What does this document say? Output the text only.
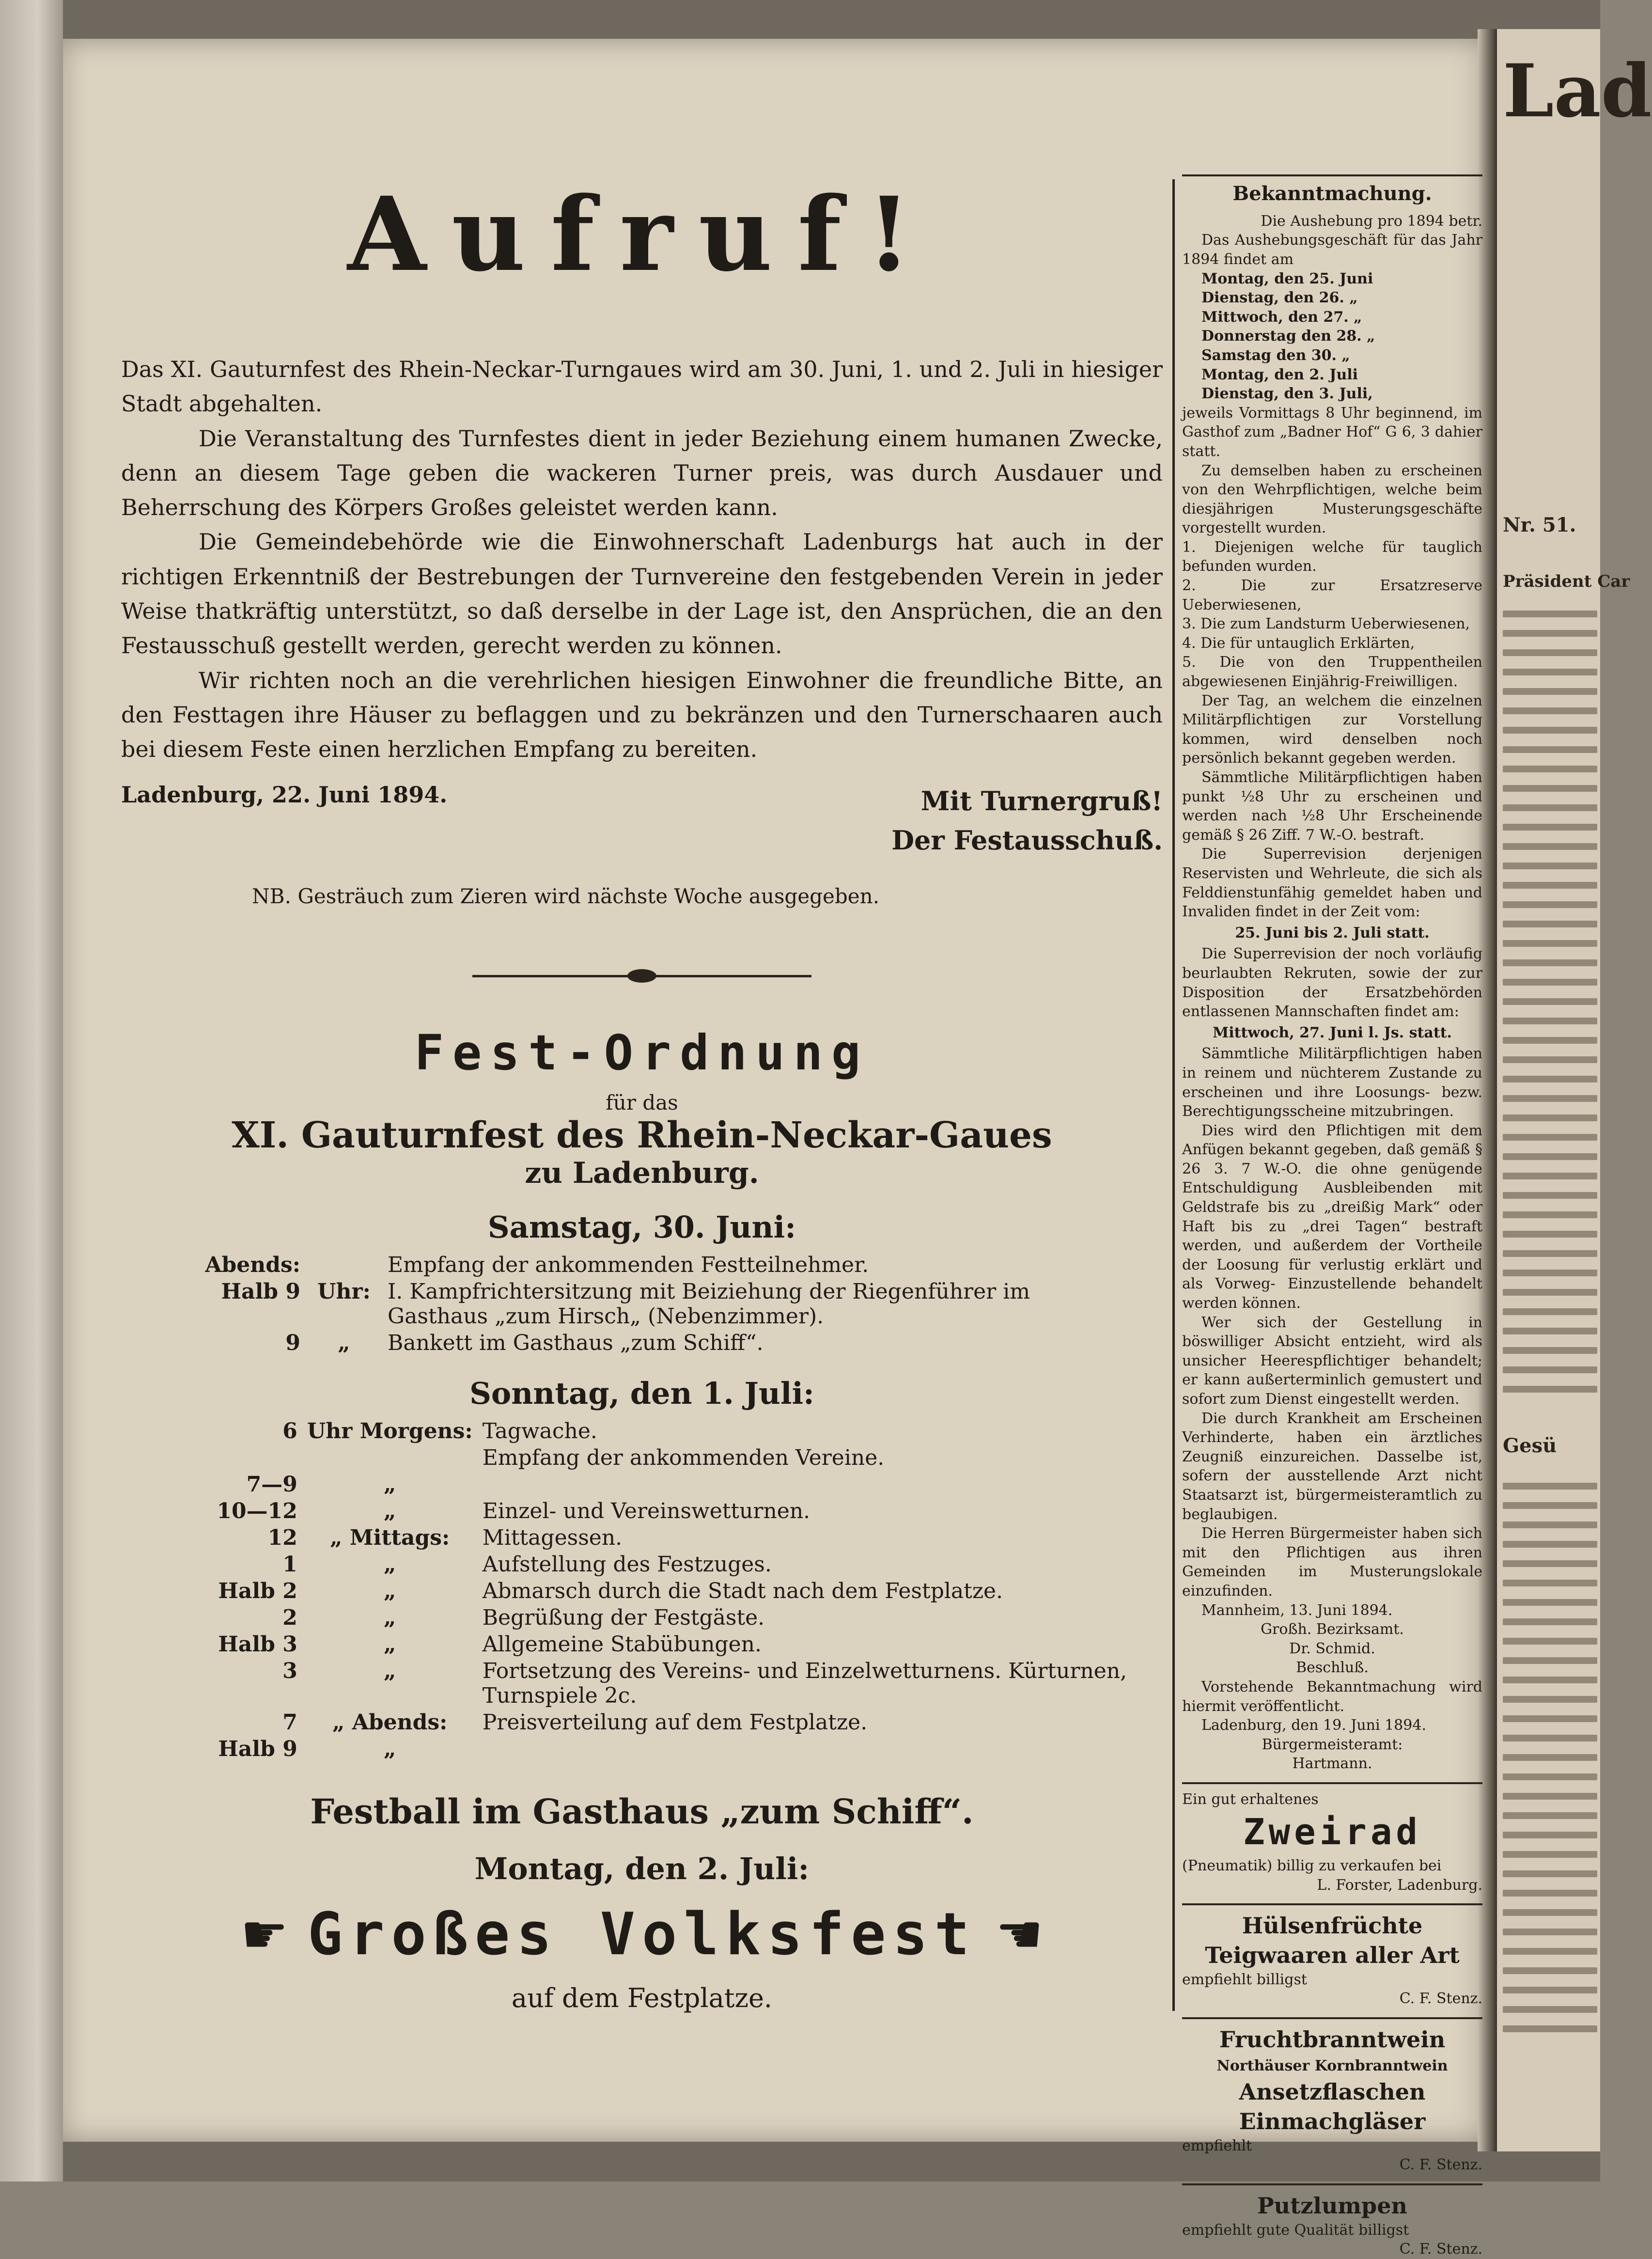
Lad
Nr. 51.
Präsident Car
Gesü
Aufruf!

Das XI. Gauturnfest des Rhein-Neckar-Turngaues wird am 30. Juni, 1. und 2. Juli in hiesiger Stadt abgehalten.

Die Veranstaltung des Turnfestes dient in jeder Beziehung einem humanen Zwecke, denn an diesem Tage geben die wackeren Turner preis, was durch Ausdauer und Beherrschung des Körpers Großes geleistet werden kann.

Die Gemeindebehörde wie die Einwohnerschaft Ladenburgs hat auch in der richtigen Erkenntniß der Bestrebungen der Turnvereine den festgebenden Verein in jeder Weise thatkräftig unterstützt, so daß derselbe in der Lage ist, den Ansprüchen, die an den Festausschuß gestellt werden, gerecht werden zu können.

Wir richten noch an die verehrlichen hiesigen Einwohner die freundliche Bitte, an den Festtagen ihre Häuser zu beflaggen und zu bekränzen und den Turnerschaaren auch bei diesem Feste einen herzlichen Empfang zu bereiten.

Ladenburg, 22. Juni 1894.	Mit Turnergruß!
Der Festausschuß.
NB. Gesträuch zum Zieren wird nächste Woche ausgegeben.
Fest-Ordnung
für das
XI. Gauturnfest des Rhein-Neckar-Gaues
zu Ladenburg.
Samstag, 30. Juni:
Abends:		Empfang der ankommenden Festteilnehmer.
Halb 9	Uhr:	I. Kampfrichtersitzung mit Beiziehung der Riegenführer im Gasthaus „zum Hirsch„ (Nebenzimmer).
9	„	Bankett im Gasthaus „zum Schiff“.
Sonntag, den 1. Juli:
6	Uhr Morgens:	Tagwache.
		Empfang der ankommenden Vereine.
7—9	„	
10—12	„	Einzel- und Vereinswetturnen.
12	„ Mittags:	Mittagessen.
1	„	Aufstellung des Festzuges.
Halb 2	„	Abmarsch durch die Stadt nach dem Festplatze.
2	„	Begrüßung der Festgäste.
Halb 3	„	Allgemeine Stabübungen.
3	„	Fortsetzung des Vereins- und Einzelwetturnens. Kürturnen, Turnspiele 2c.
7	„ Abends:	Preisverteilung auf dem Festplatze.
Halb 9	„	
Festball im Gasthaus „zum Schiff“.
Montag, den 2. Juli:
☛ Großes Volksfest ☚
auf dem Festplatze.
Bekanntmachung.

Die Aushebung pro 1894 betr.

Das Aushebungsgeschäft für das Jahr 1894 findet am

Montag, den 25. Juni

Dienstag, den 26. „

Mittwoch, den 27. „

Donnerstag den 28. „

Samstag den 30. „

Montag, den 2. Juli

Dienstag, den 3. Juli,

jeweils Vormittags 8 Uhr beginnend, im Gasthof zum „Badner Hof“ G 6, 3 dahier statt.

Zu demselben haben zu erscheinen von den Wehrpflichtigen, welche beim diesjährigen Musterungsgeschäfte vorgestellt wurden.

1. Diejenigen welche für tauglich befunden wurden.

2. Die zur Ersatzreserve Ueberwiesenen,

3. Die zum Landsturm Ueberwiesenen,

4. Die für untauglich Erklärten,

5. Die von den Truppentheilen abgewiesenen Einjährig-Freiwilligen.

Der Tag, an welchem die einzelnen Militärpflichtigen zur Vorstellung kommen, wird denselben noch persönlich bekannt gegeben werden.

Sämmtliche Militärpflichtigen haben punkt ½8 Uhr zu erscheinen und werden nach ½8 Uhr Erscheinende gemäß § 26 Ziff. 7 W.-O. bestraft.

Die Superrevision derjenigen Reservisten und Wehrleute, die sich als Felddienstunfähig gemeldet haben und Invaliden findet in der Zeit vom:

25. Juni bis 2. Juli statt.

Die Superrevision der noch vorläufig beurlaubten Rekruten, sowie der zur Disposition der Ersatzbehörden entlassenen Mannschaften findet am:

Mittwoch, 27. Juni l. Js. statt.

Sämmtliche Militärpflichtigen haben in reinem und nüchterem Zustande zu erscheinen und ihre Loosungs- bezw. Berechtigungsscheine mitzubringen.

Dies wird den Pflichtigen mit dem Anfügen bekannt gegeben, daß gemäß § 26 3. 7 W.-O. die ohne genügende Entschuldigung Ausbleibenden mit Geldstrafe bis zu „dreißig Mark“ oder Haft bis zu „drei Tagen“ bestraft werden, und außerdem der Vortheile der Loosung für verlustig erklärt und als Vorweg- Einzustellende behandelt werden können.

Wer sich der Gestellung in böswilliger Absicht entzieht, wird als unsicher Heerespflichtiger behandelt; er kann außerterminlich gemustert und sofort zum Dienst eingestellt werden.

Die durch Krankheit am Erscheinen Verhinderte, haben ein ärztliches Zeugniß einzureichen. Dasselbe ist, sofern der ausstellende Arzt nicht Staatsarzt ist, bürgermeisteramtlich zu beglaubigen.

Die Herren Bürgermeister haben sich mit den Pflichtigen aus ihren Gemeinden im Musterungslokale einzufinden.

Mannheim, 13. Juni 1894.

Großh. Bezirksamt.

Dr. Schmid.

Beschluß.

Vorstehende Bekanntmachung wird hiermit veröffentlicht.

Ladenburg, den 19. Juni 1894.

Bürgermeisteramt:

Hartmann.

Ein gut erhaltenes

Zweirad

(Pneumatik) billig zu verkaufen bei

L. Forster, Ladenburg.

Hülsenfrüchte

Teigwaaren aller Art

empfiehlt billigst

C. F. Stenz.

Fruchtbranntwein

Northäuser Kornbranntwein

Ansetzflaschen

Einmachgläser

empfiehlt

C. F. Stenz.

Putzlumpen

empfiehlt gute Qualität billigst

C. F. Stenz.
